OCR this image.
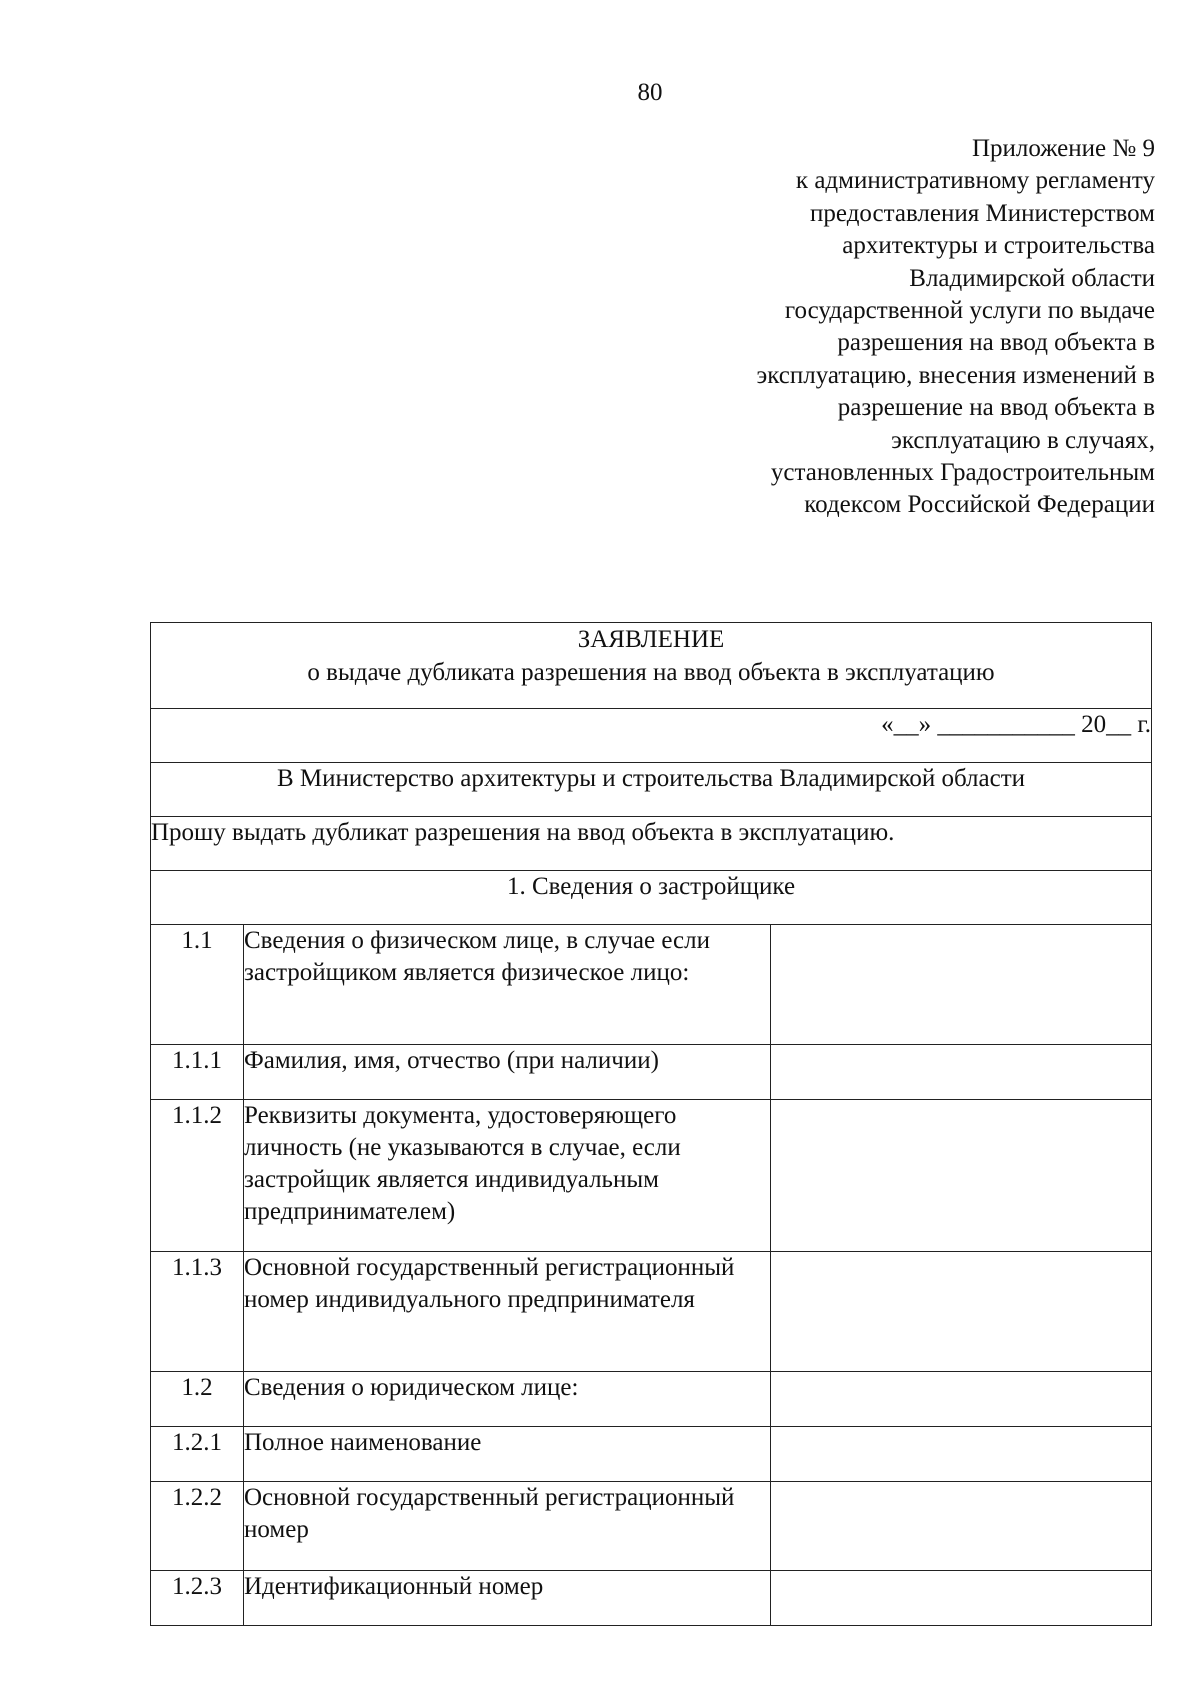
80
Приложение № 9
к административному регламенту
предоставления Министерством
архитектуры и строительства
Владимирской области
государственной услуги по выдаче
разрешения на ввод объекта в
эксплуатацию, внесения изменений в
разрешение на ввод объекта в
эксплуатацию в случаях,
установленных Градостроительным
кодексом Российской Федерации
ЗАЯВЛЕНИЕ
о выдаче дубликата разрешения на ввод объекта в эксплуатацию		

«__» ___________ 20__ г.		
В Министерство архитектуры и строительства Владимирской области		
Прошу выдать дубликат разрешения на ввод объекта в эксплуатацию.		
1. Сведения о застройщике		
1.1	Сведения о физическом лице, в случае если застройщиком является физическое лицо:	
1.1.1	Фамилия, имя, отчество (при наличии)	
1.1.2	Реквизиты документа, удостоверяющего личность (не указываются в случае, если застройщик является индивидуальным предпринимателем)	
1.1.3	Основной государственный регистрационный номер индивидуального предпринимателя	
1.2	Сведения о юридическом лице:	
1.2.1	Полное наименование	
1.2.2	Основной государственный регистрационный номер	
1.2.3	Идентификационный номер	
